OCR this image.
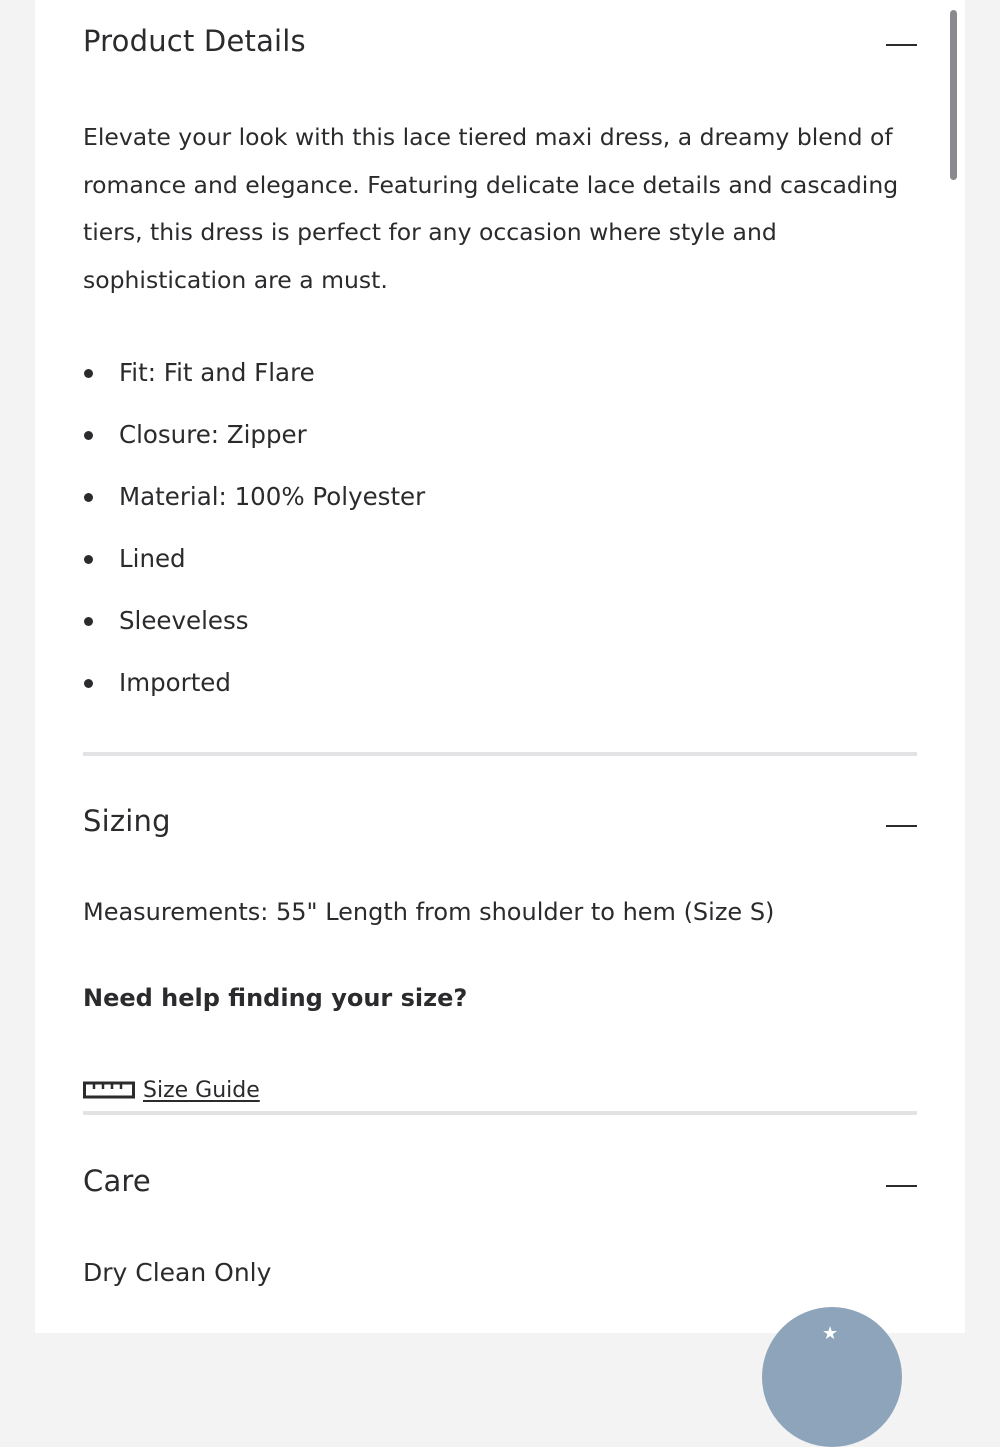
Product Details

Elevate your look with this lace tiered maxi dress, a dreamy blend of romance and elegance. Featuring delicate lace details and cascading tiers, this dress is perfect for any occasion where style and sophistication are a must.

Fit: Fit and Flare
Closure: Zipper
Material: 100% Polyester
Lined
Sleeveless
Imported
Sizing
Measurements: 55" Length from shoulder to hem (Size S)
Need help finding your size?
Size Guide
Care
Dry Clean Only
★
